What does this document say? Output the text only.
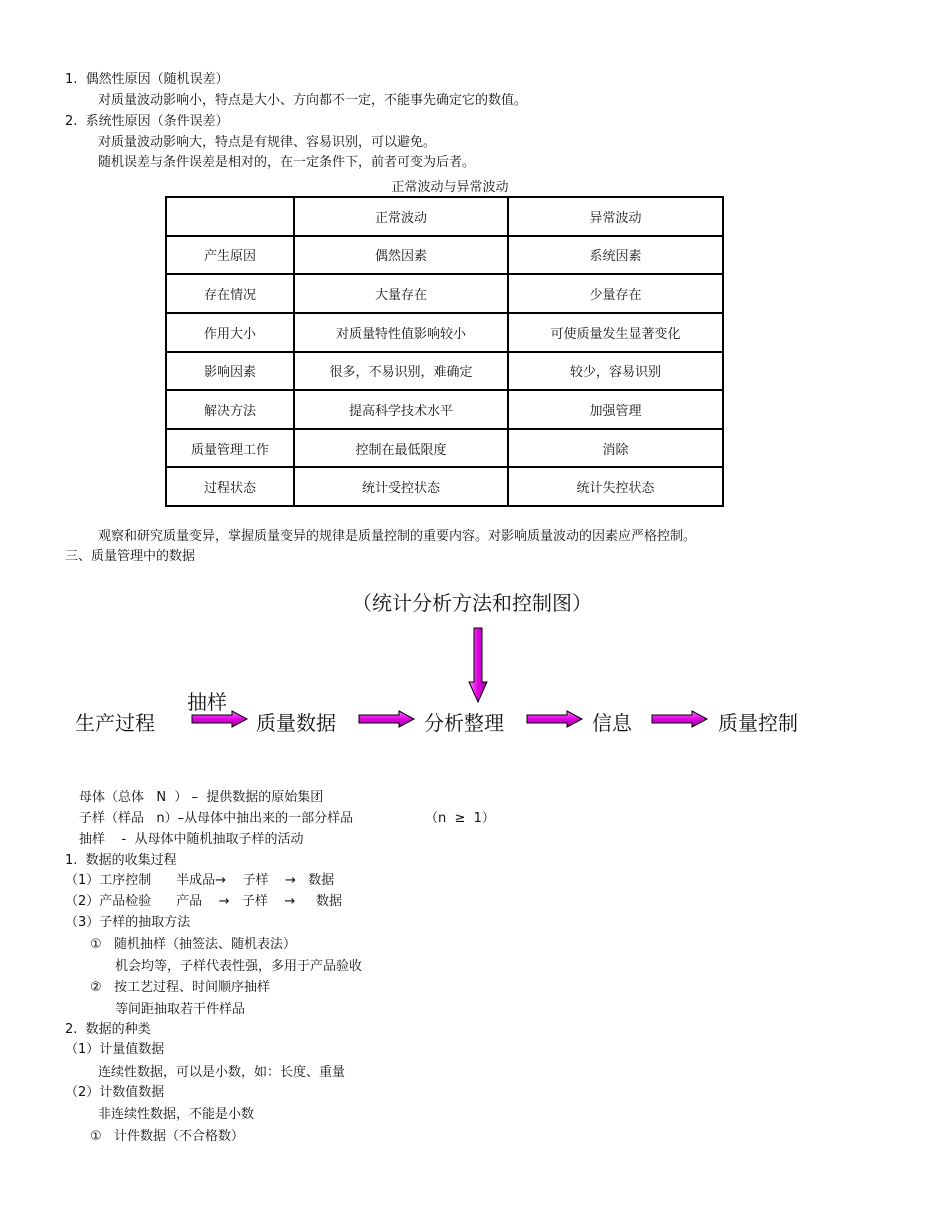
1.  偶然性原因（随机误差）
对质量波动影响小，特点是大小、方向都不一定，不能事先确定它的数值。
2.  系统性原因（条件误差）
对质量波动影响大，特点是有规律、容易识别，可以避免。
随机误差与条件误差是相对的，在一定条件下，前者可变为后者。
正常波动与异常波动
	正常波动	异常波动
产生原因	偶然因素	系统因素
存在情况	大量存在	少量存在
作用大小	对质量特性值影响较小	可使质量发生显著变化
影响因素	很多，不易识别，难确定	较少，容易识别
解决方法	提高科学技术水平	加强管理
质量管理工作	控制在最低限度	消除
过程状态	统计受控状态	统计失控状态
观察和研究质量变异，掌握质量变异的规律是质量控制的重要内容。对影响质量波动的因素应严格控制。
三、质量管理中的数据
（统计分析方法和控制图）
抽样
生产过程	质量数据	分析整理	信息	质量控制
母体（总体   N  ） –  提供数据的原始集团
子样（样品   n）–从母体中抽出来的一部分样品	（n  ≥  1）
抽样    -  从母体中随机抽取子样的活动
1.  数据的收集过程
（1）工序控制      半成品→    子样    →   数据
（2）产品检验      产品    →   子样    →     数据
（3）子样的抽取方法
①   随机抽样（抽签法、随机表法）
机会均等，子样代表性强，多用于产品验收
②   按工艺过程、时间顺序抽样
等间距抽取若干件样品
2.  数据的种类
（1）计量值数据
连续性数据，可以是小数，如：长度、重量
（2）计数值数据
非连续性数据，不能是小数
①   计件数据（不合格数）
